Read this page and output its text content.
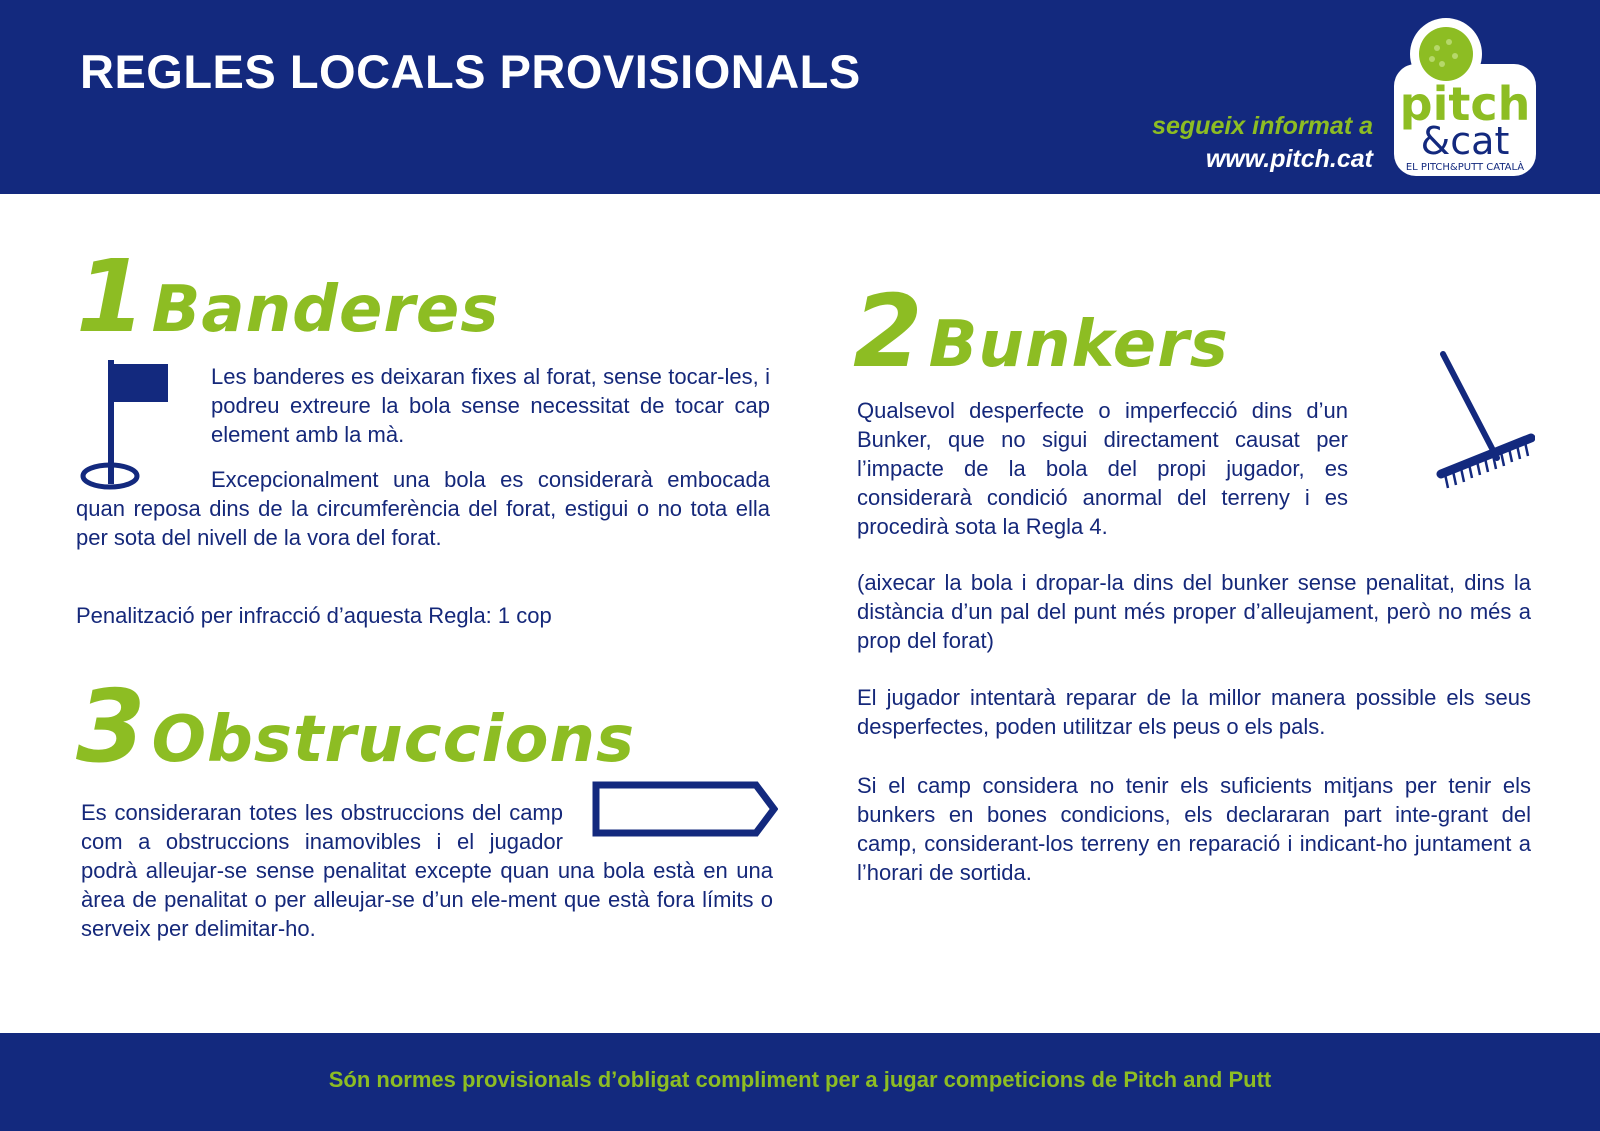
REGLES LOCALS PROVISIONALS
segueix informat a
www.pitch.cat
pitch
&cat
EL PITCH&PUTT CATALÀ
1 Banderes

Les banderes es deixaran fixes al forat, sense tocar-les, i podreu extreure la bola sense necessitat de tocar cap element amb la mà.

Excepcionalment una bola es considerarà embocada quan reposa dins de la circumferència del forat, estigui o no tota ella per sota del nivell de la vora del forat.

Penalització per infracció d’aquesta Regla: 1 cop

2 Bunkers

Qualsevol desperfecte o imperfecció dins d’un Bunker, que no sigui directament causat per l’impacte de la bola del propi jugador, es considerarà condició anormal del terreny i es procedirà sota la Regla 4.

(aixecar la bola i dropar-la dins del bunker sense penalitat, dins la distància d’un pal del punt més proper d’alleujament, però no més a prop del forat)

El jugador intentarà reparar de la millor manera possible els seus desperfectes, poden utilitzar els peus o els pals.

Si el camp considera no tenir els suficients mitjans per tenir els bunkers en bones condicions, els declararan part inte-grant del camp, considerant-los terreny en reparació i indicant-ho juntament a l’horari de sortida.

3 Obstruccions

Es consideraran totes les obstruccions del camp com a obstruccions inamovibles i el jugador podrà alleujar-se sense penalitat excepte quan una bola està en una àrea de penalitat o per alleujar-se d’un ele-ment que està fora límits o serveix per delimitar-ho.

Són normes provisionals d’obligat compliment per a jugar competicions de Pitch and Putt
